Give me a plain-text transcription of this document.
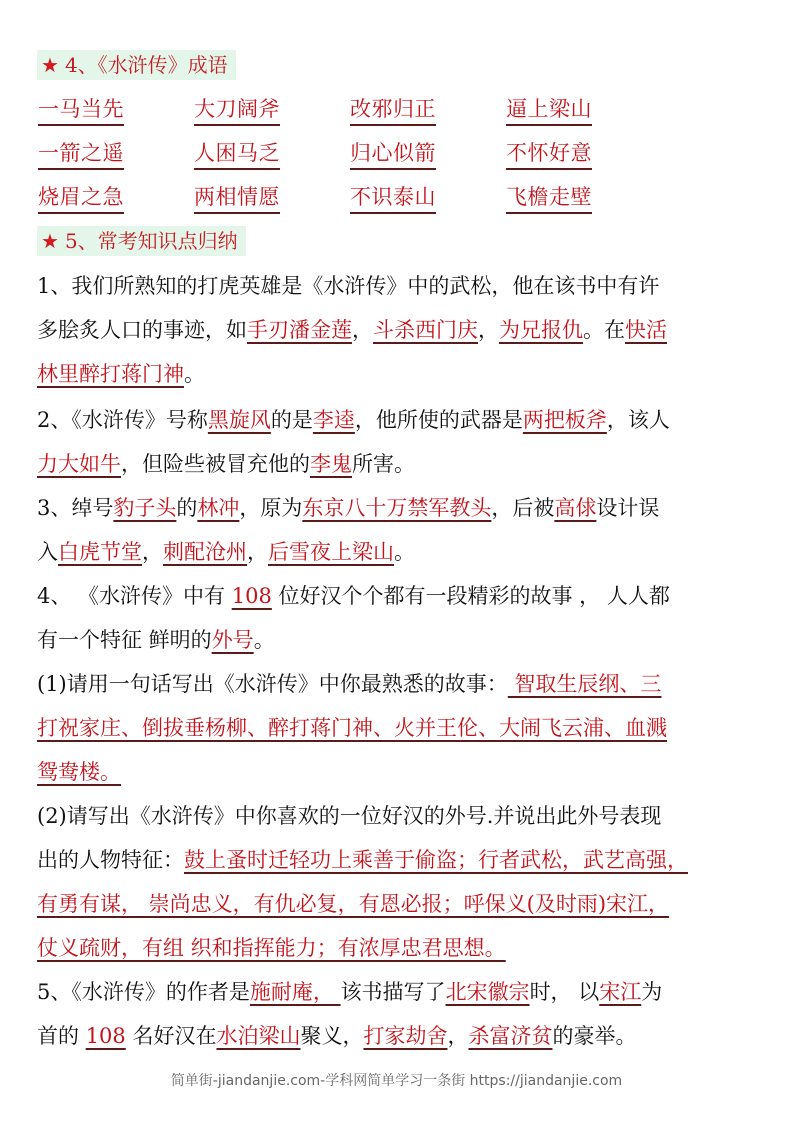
★ 4、《水浒传》成语
一马当先	大刀阔斧	改邪归正	逼上梁山
一箭之遥	人困马乏	归心似箭	不怀好意
烧眉之急	两相情愿	不识泰山	飞檐走壁
★ 5、常考知识点归纳
1、我们所熟知的打虎英雄是《水浒传》中的武松，他在该书中有许
多脍炙人口的事迹，如手刃潘金莲，斗杀西门庆，为兄报仇。在快活
林里醉打蒋门神。
2、《水浒传》号称黑旋风的是李逵，他所使的武器是两把板斧，该人
力大如牛，但险些被冒充他的李鬼所害。
3、绰号豹子头的林冲，原为东京八十万禁军教头，后被高俅设计误
入白虎节堂，刺配沧州，后雪夜上梁山。
4、 《水浒传》中有 108 位好汉个个都有一段精彩的故事 ， 人人都
有一个特征 鲜明的外号。
(1)请用一句话写出《水浒传》中你最熟悉的故事： 智取生辰纲、三
打祝家庄、倒拔垂杨柳、醉打蒋门神、火并王伦、大闹飞云浦、血溅
鸳鸯楼。
(2)请写出《水浒传》中你喜欢的一位好汉的外号.并说出此外号表现
出的人物特征：鼓上蚤时迁轻功上乘善于偷盗；行者武松，武艺高强，
有勇有谋， 崇尚忠义，有仇必复，有恩必报；呼保义(及时雨)宋江，
仗义疏财，有组 织和指挥能力；有浓厚忠君思想。
5、《水浒传》的作者是施耐庵， 该书描写了北宋徽宗时， 以宋江为
首的 108 名好汉在水泊梁山聚义，打家劫舍，杀富济贫的豪举。
简单街-jiandanjie.com-学科网简单学习一条街 https://jiandanjie.com
